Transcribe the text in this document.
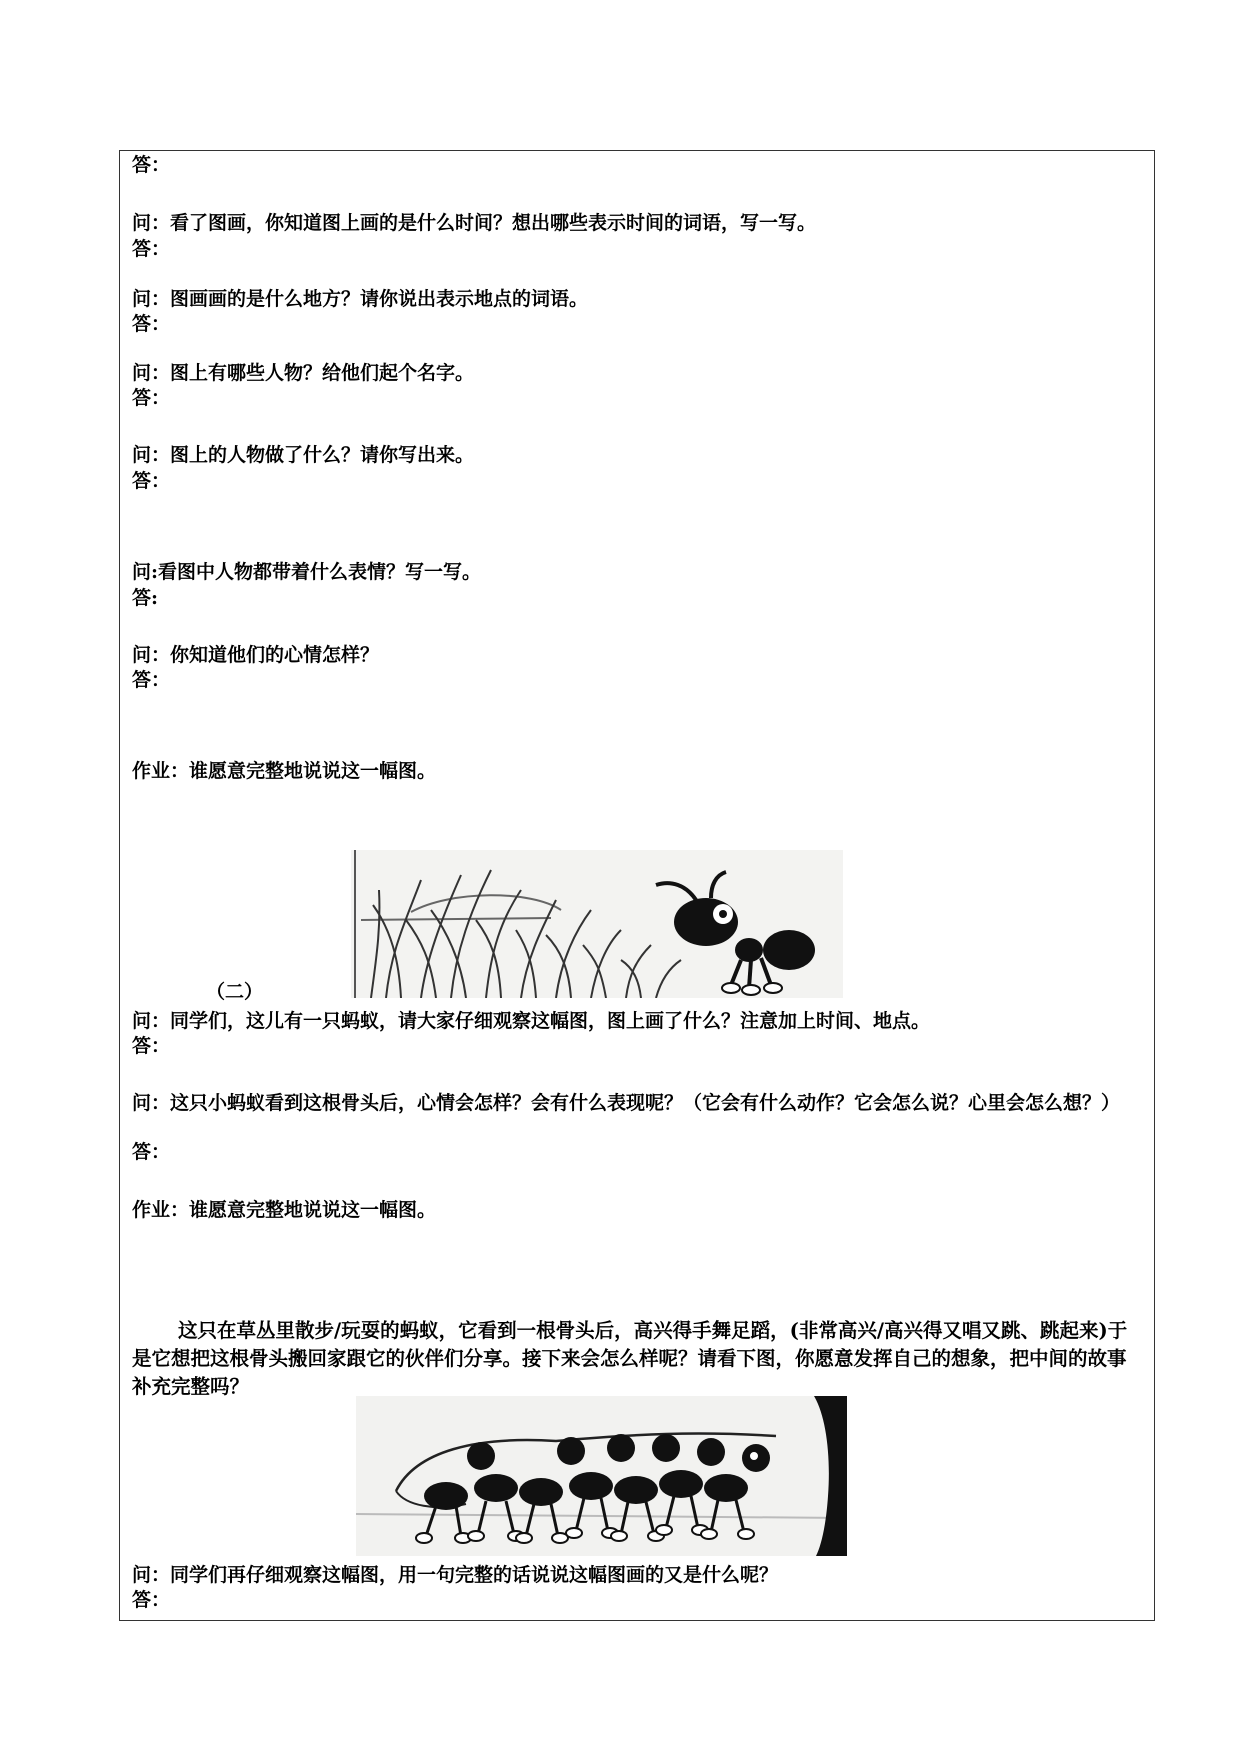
答：
问：看了图画，你知道图上画的是什么时间？想出哪些表示时间的词语，写一写。
答：
问：图画画的是什么地方？请你说出表示地点的词语。
答：
问：图上有哪些人物？给他们起个名字。
答：
问：图上的人物做了什么？请你写出来。
答：
问:看图中人物都带着什么表情？写一写。
答:
问：你知道他们的心情怎样？
答：
作业：谁愿意完整地说说这一幅图。
（二）
问：同学们，这儿有一只蚂蚁，请大家仔细观察这幅图，图上画了什么？注意加上时间、地点。
答：
问：这只小蚂蚁看到这根骨头后，心情会怎样？会有什么表现呢？（它会有什么动作？它会怎么说？心里会怎么想？）
答：
作业：谁愿意完整地说说这一幅图。
这只在草丛里散步/玩耍的蚂蚁，它看到一根骨头后，高兴得手舞足蹈，(非常高兴/高兴得又唱又跳、跳起来)于是它想把这根骨头搬回家跟它的伙伴们分享。接下来会怎么样呢？请看下图，你愿意发挥自己的想象，把中间的故事补充完整吗？
问：同学们再仔细观察这幅图，用一句完整的话说说这幅图画的又是什么呢？
答：
